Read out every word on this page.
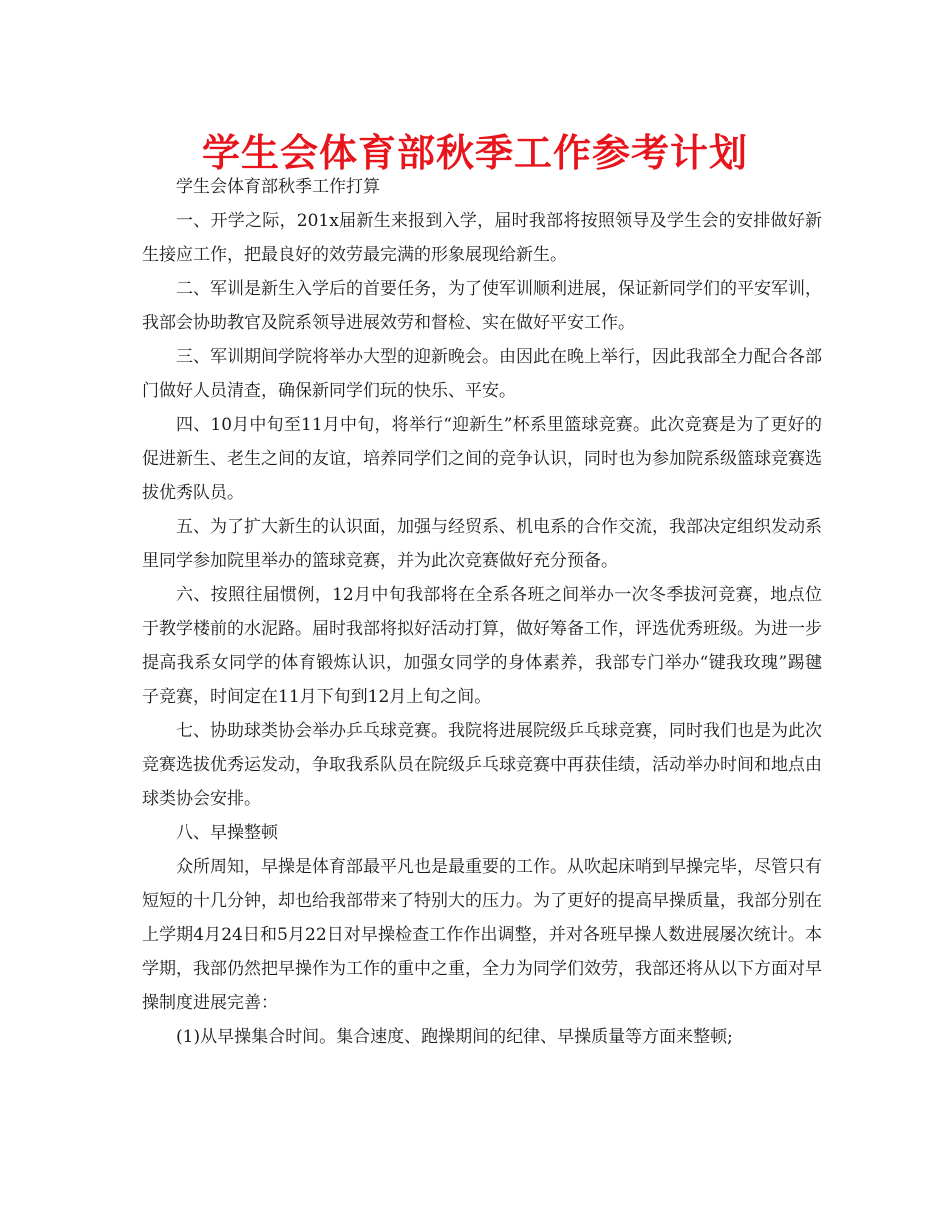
学生会体育部秋季工作参考计划

学生会体育部秋季工作打算

一、开学之际，201x届新生来报到入学，届时我部将按照领导及学生会的安排做好新生接应工作，把最良好的效劳最完满的形象展现给新生。

二、军训是新生入学后的首要任务，为了使军训顺利进展，保证新同学们的平安军训，我部会协助教官及院系领导进展效劳和督检、实在做好平安工作。

三、军训期间学院将举办大型的迎新晚会。由因此在晚上举行，因此我部全力配合各部门做好人员清查，确保新同学们玩的快乐、平安。

四、10月中旬至11月中旬，将举行“迎新生”杯系里篮球竞赛。此次竞赛是为了更好的促进新生、老生之间的友谊，培养同学们之间的竞争认识，同时也为参加院系级篮球竞赛选拔优秀队员。

五、为了扩大新生的认识面，加强与经贸系、机电系的合作交流，我部决定组织发动系里同学参加院里举办的篮球竞赛，并为此次竞赛做好充分预备。

六、按照往届惯例，12月中旬我部将在全系各班之间举办一次冬季拔河竞赛，地点位于教学楼前的水泥路。届时我部将拟好活动打算，做好筹备工作，评选优秀班级。为进一步提高我系女同学的体育锻炼认识，加强女同学的身体素养，我部专门举办“键我玫瑰”踢毽子竞赛，时间定在11月下旬到12月上旬之间。

七、协助球类协会举办乒乓球竞赛。我院将进展院级乒乓球竞赛，同时我们也是为此次竞赛选拔优秀运发动，争取我系队员在院级乒乓球竞赛中再获佳绩，活动举办时间和地点由球类协会安排。

八、早操整顿

众所周知，早操是体育部最平凡也是最重要的工作。从吹起床哨到早操完毕，尽管只有短短的十几分钟，却也给我部带来了特别大的压力。为了更好的提高早操质量，我部分别在上学期4月24日和5月22日对早操检查工作作出调整，并对各班早操人数进展屡次统计。本学期，我部仍然把早操作为工作的重中之重，全力为同学们效劳，我部还将从以下方面对早操制度进展完善：

(1)从早操集合时间。集合速度、跑操期间的纪律、早操质量等方面来整顿;
